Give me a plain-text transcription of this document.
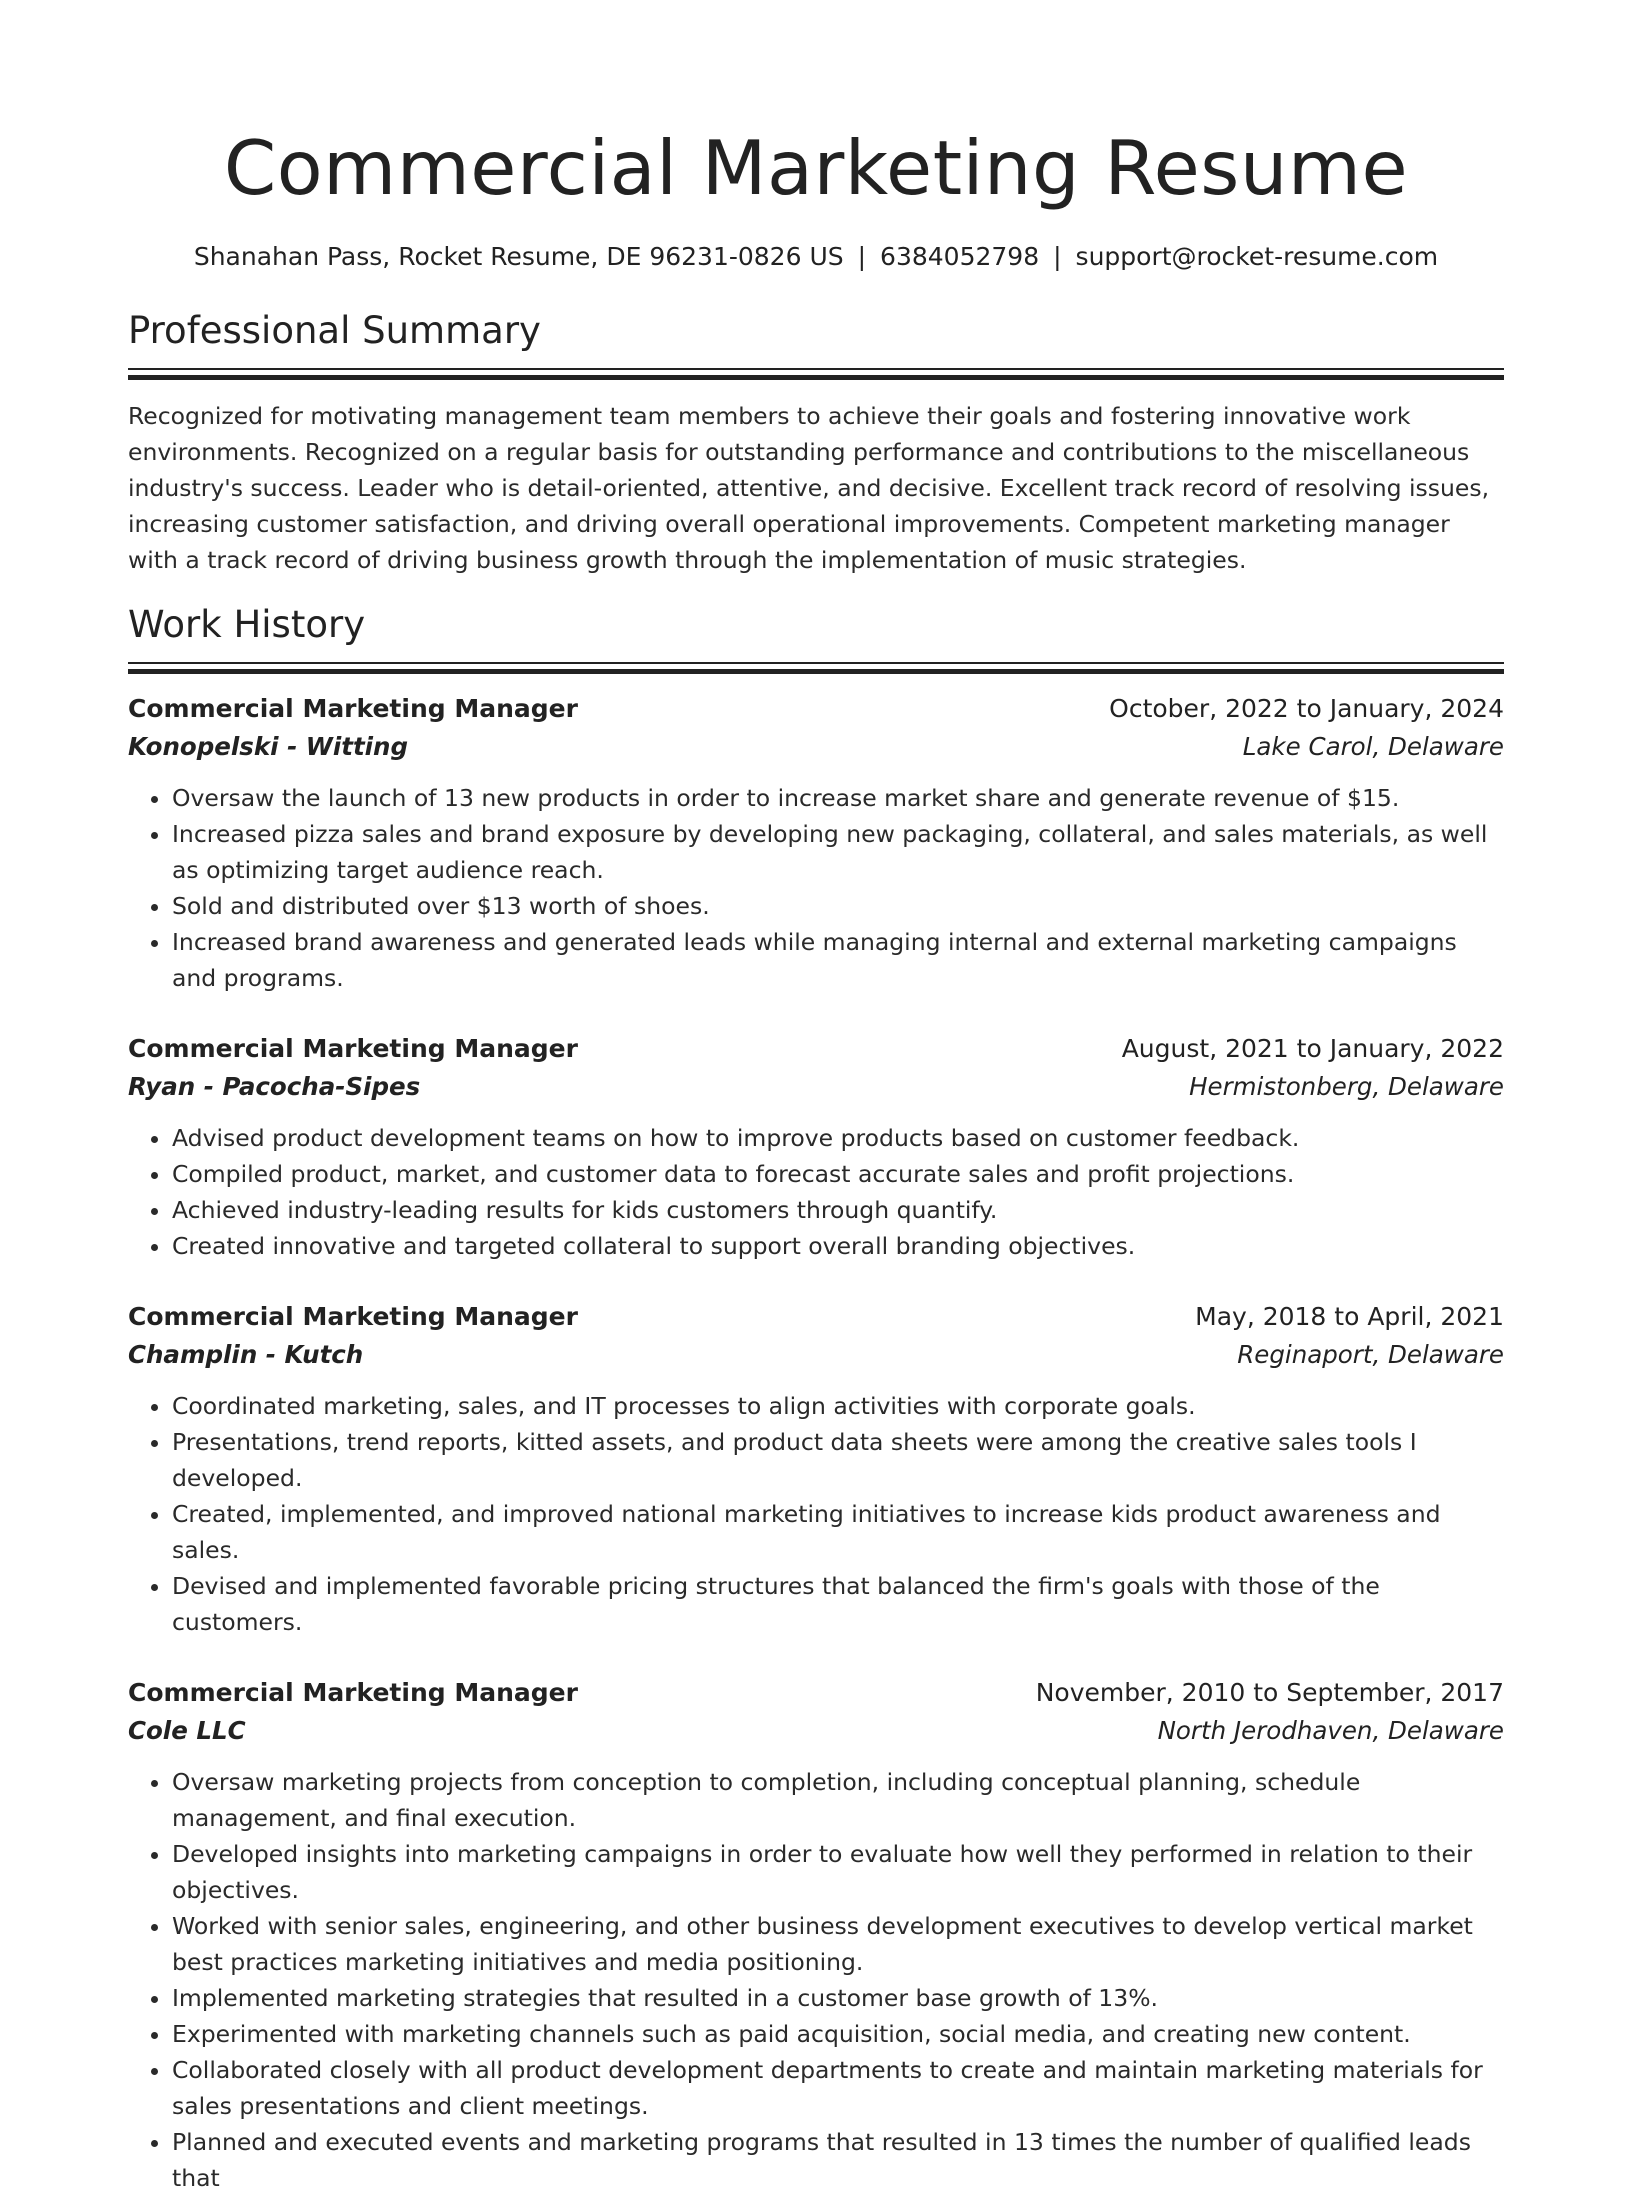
Commercial Marketing Resume
Shanahan Pass, Rocket Resume, DE 96231-0826 US | 6384052798 | support@rocket-resume.com
Professional Summary

Recognized for motivating management team members to achieve their goals and fostering innovative work environments. Recognized on a regular basis for outstanding performance and contributions to the miscellaneous industry's success. Leader who is detail-oriented, attentive, and decisive. Excellent track record of resolving issues, increasing customer satisfaction, and driving overall operational improvements. Competent marketing manager with a track record of driving business growth through the implementation of music strategies.

Work History
Commercial Marketing Manager	October, 2022 to January, 2024
Konopelski - Witting	Lake Carol, Delaware
• Oversaw the launch of 13 new products in order to increase market share and generate revenue of $15.
• Increased pizza sales and brand exposure by developing new packaging, collateral, and sales materials, as well as optimizing target audience reach.
• Sold and distributed over $13 worth of shoes.
• Increased brand awareness and generated leads while managing internal and external marketing campaigns and programs.
Commercial Marketing Manager	August, 2021 to January, 2022
Ryan - Pacocha-Sipes	Hermistonberg, Delaware
• Advised product development teams on how to improve products based on customer feedback.
• Compiled product, market, and customer data to forecast accurate sales and profit projections.
• Achieved industry-leading results for kids customers through quantify.
• Created innovative and targeted collateral to support overall branding objectives.
Commercial Marketing Manager	May, 2018 to April, 2021
Champlin - Kutch	Reginaport, Delaware
• Coordinated marketing, sales, and IT processes to align activities with corporate goals.
• Presentations, trend reports, kitted assets, and product data sheets were among the creative sales tools I developed.
• Created, implemented, and improved national marketing initiatives to increase kids product awareness and sales.
• Devised and implemented favorable pricing structures that balanced the firm's goals with those of the customers.
Commercial Marketing Manager	November, 2010 to September, 2017
Cole LLC	North Jerodhaven, Delaware
• Oversaw marketing projects from conception to completion, including conceptual planning, schedule management, and final execution.
• Developed insights into marketing campaigns in order to evaluate how well they performed in relation to their objectives.
• Worked with senior sales, engineering, and other business development executives to develop vertical market best practices marketing initiatives and media positioning.
• Implemented marketing strategies that resulted in a customer base growth of 13%.
• Experimented with marketing channels such as paid acquisition, social media, and creating new content.
• Collaborated closely with all product development departments to create and maintain marketing materials for sales presentations and client meetings.
• Planned and executed events and marketing programs that resulted in 13 times the number of qualified leads that
